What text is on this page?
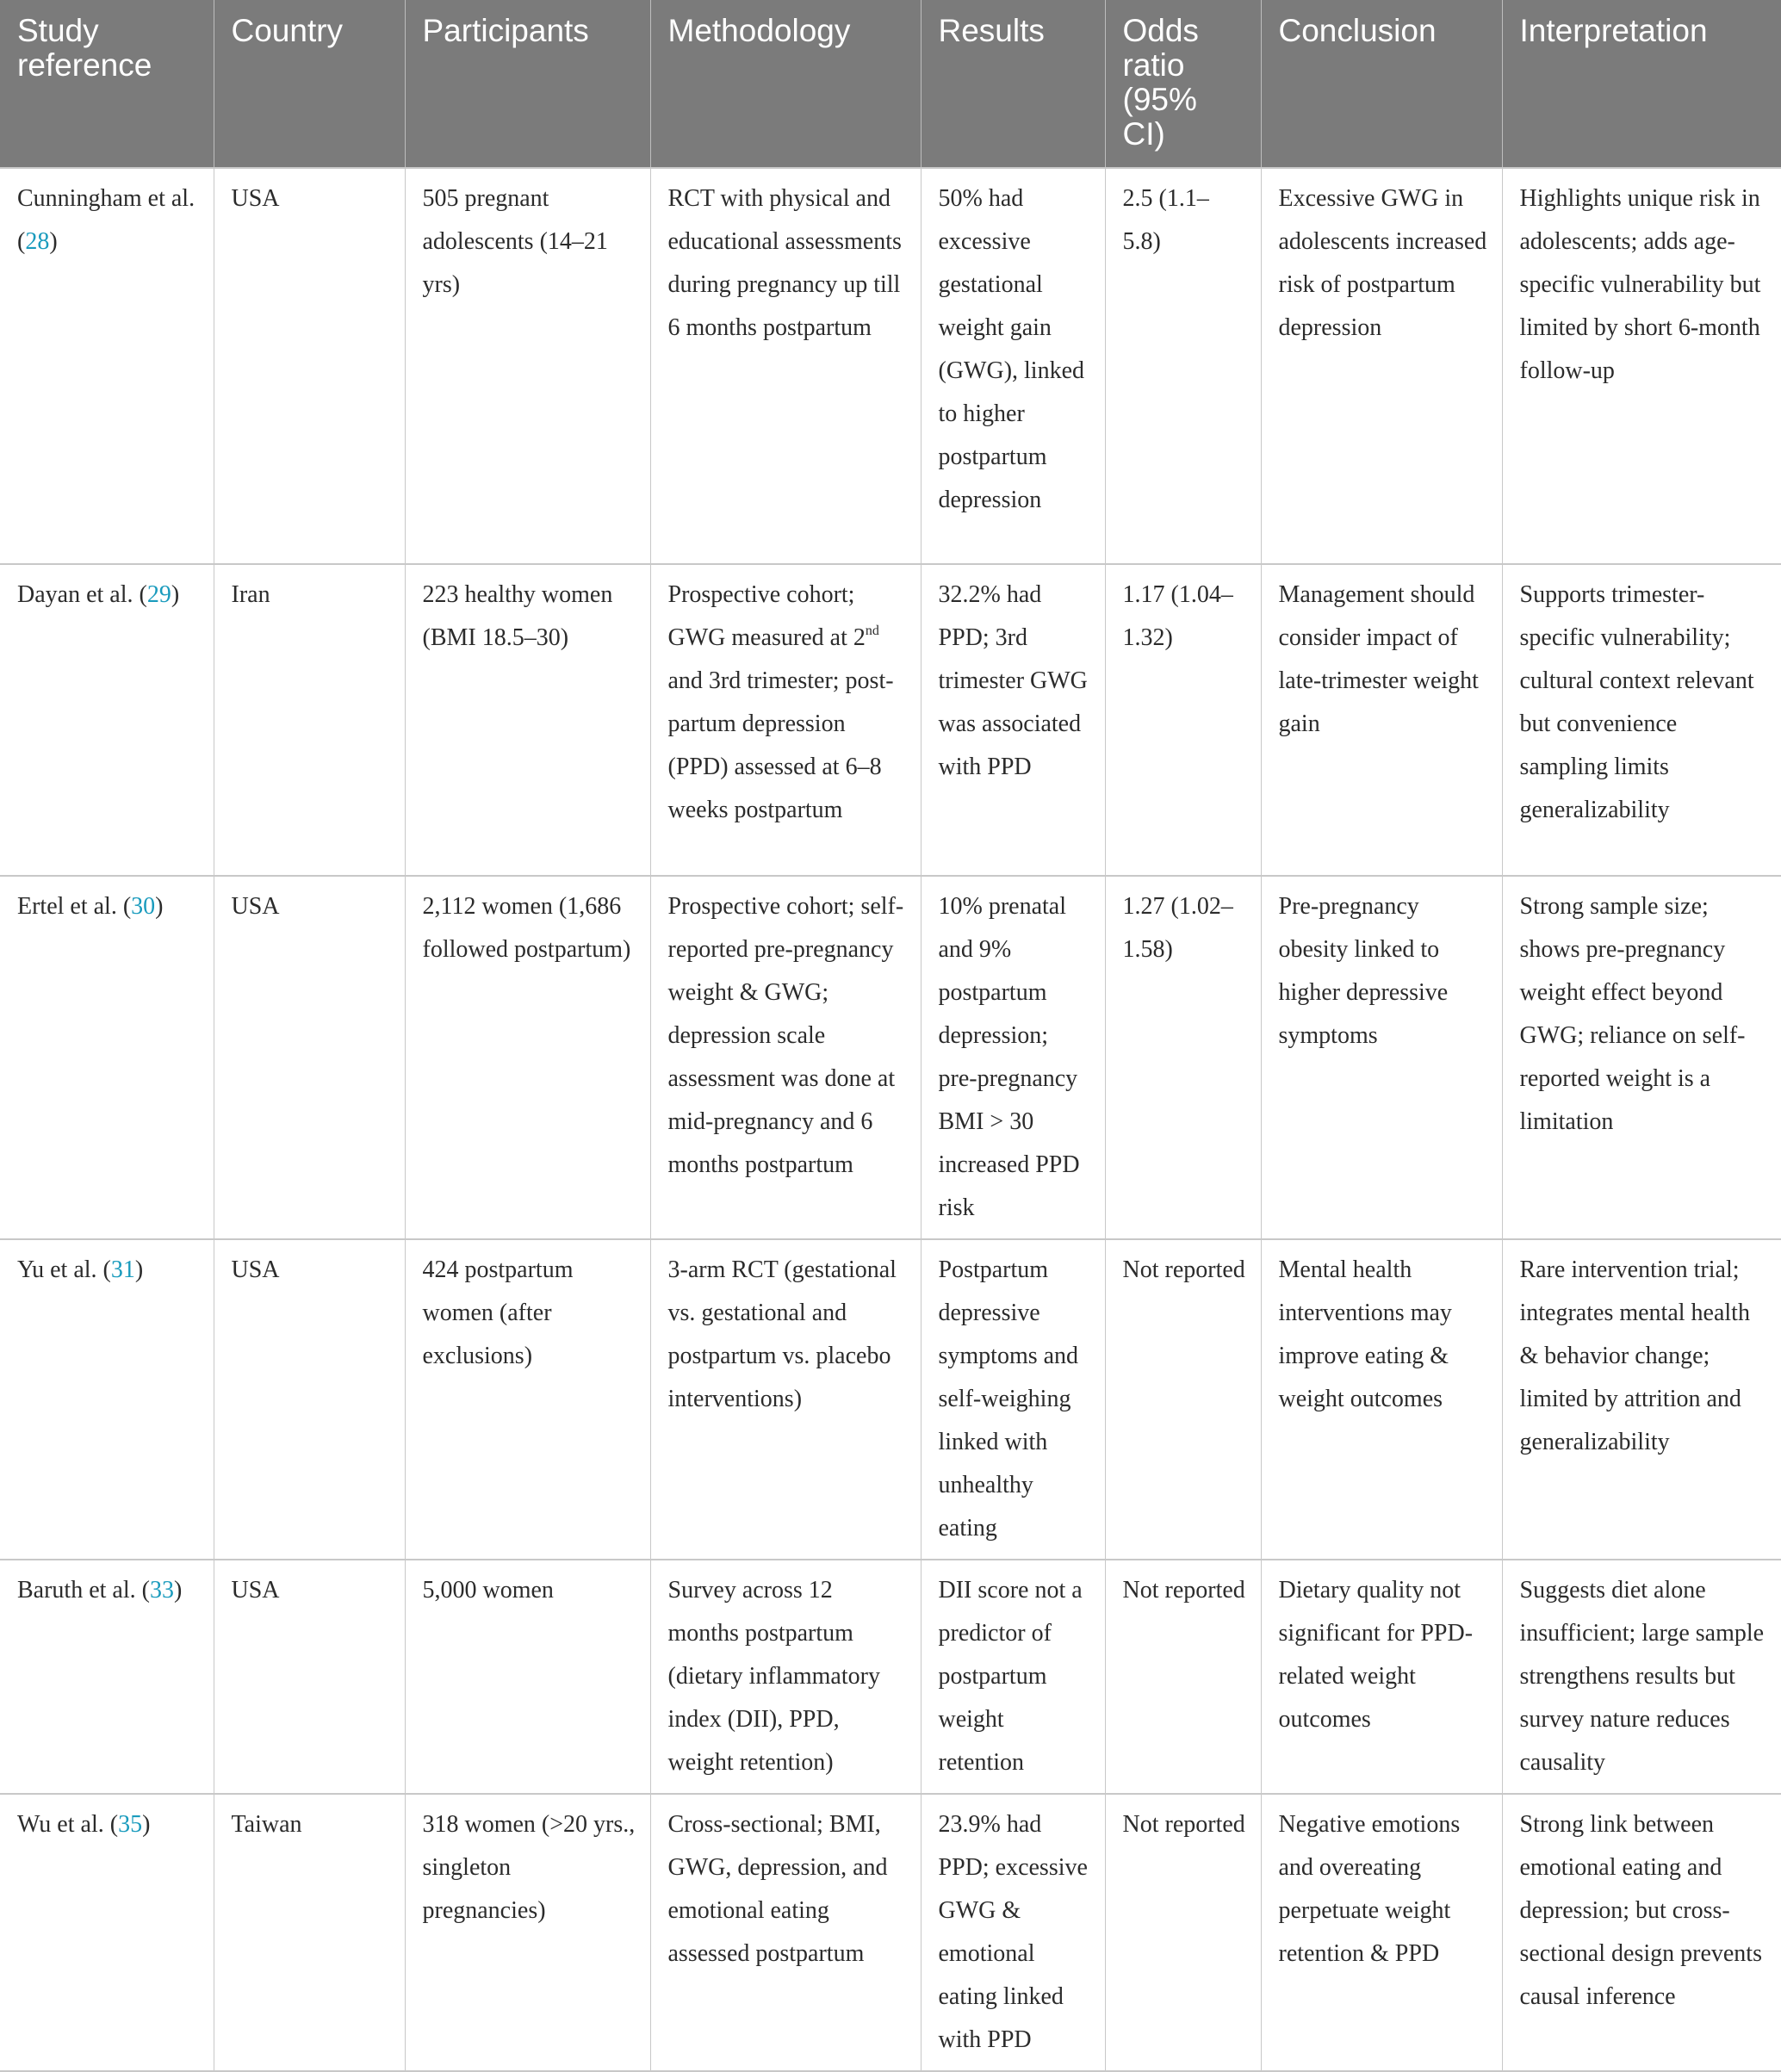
Study reference	Country	Participants	Methodology	Results	Odds ratio (95% CI)	Conclusion	Interpretation
Cunningham et al. (28)	USA	505 pregnant adolescents (14–21 yrs)	RCT with physical and educational assessments during pregnancy up till 6 months postpartum	50% had excessive gestational weight gain (GWG), linked to higher postpartum depression	2.5 (1.1–5.8)	Excessive GWG in adolescents increased risk of postpartum depression	Highlights unique risk in adolescents; adds age-specific vulnerability but limited by short 6-month follow-up
Dayan et al. (29)	Iran	223 healthy women (BMI 18.5–30)	Prospective cohort; GWG measured at 2nd and 3rd trimester; post-partum depression (PPD) assessed at 6–8 weeks postpartum	32.2% had PPD; 3rd trimester GWG was associated with PPD	1.17 (1.04–1.32)	Management should consider impact of late-trimester weight gain	Supports trimester-specific vulnerability; cultural context relevant but convenience sampling limits generalizability
Ertel et al. (30)	USA	2,112 women (1,686 followed postpartum)	Prospective cohort; self-reported pre-pregnancy weight & GWG; depression scale assessment was done at mid-pregnancy and 6 months postpartum	10% prenatal and 9% postpartum depression; pre-pregnancy BMI > 30 increased PPD risk	1.27 (1.02–1.58)	Pre-pregnancy obesity linked to higher depressive symptoms	Strong sample size; shows pre-pregnancy weight effect beyond GWG; reliance on self-reported weight is a limitation
Yu et al. (31)	USA	424 postpartum women (after exclusions)	3-arm RCT (gestational vs. gestational and postpartum vs. placebo interventions)	Postpartum depressive symptoms and self-weighing linked with unhealthy eating	Not reported	Mental health interventions may improve eating & weight outcomes	Rare intervention trial; integrates mental health & behavior change; limited by attrition and generalizability
Baruth et al. (33)	USA	5,000 women	Survey across 12 months postpartum (dietary inflammatory index (DII), PPD, weight retention)	DII score not a predictor of postpartum weight retention	Not reported	Dietary quality not significant for PPD-related weight outcomes	Suggests diet alone insufficient; large sample strengthens results but survey nature reduces causality
Wu et al. (35)	Taiwan	318 women (>20 yrs., singleton pregnancies)	Cross-sectional; BMI, GWG, depression, and emotional eating assessed postpartum	23.9% had PPD; excessive GWG & emotional eating linked with PPD	Not reported	Negative emotions and overeating perpetuate weight retention & PPD	Strong link between emotional eating and depression; but cross-sectional design prevents causal inference
